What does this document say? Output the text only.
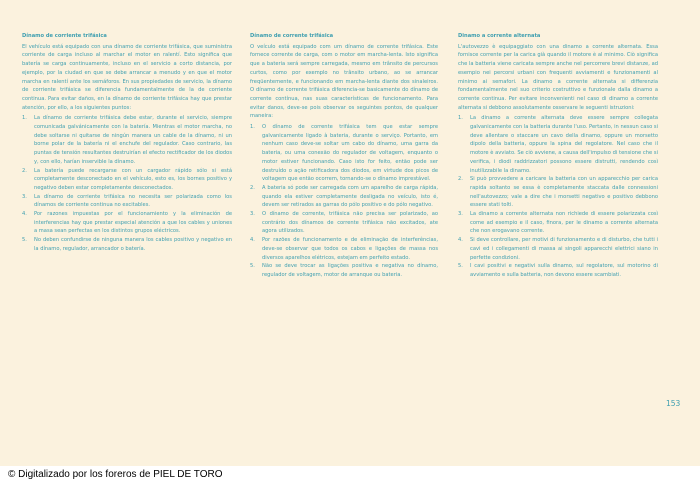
Dínamo de corriente trifásica
El vehículo está equipado con una dínamo de corriente trifásica, que suministra corriente de carga incluso al marchar el motor en ralentí. Esto significa que batería se carga continuamente, incluso en el servicio a corto distancia, por ejemplo, por la ciudad en que se debe arrancar a menudo y en que el motor marcha en ralentí ante los semáforos. En sus propiedades de servicio, la dínamo de corriente trifásica se diferencia fundamentalmente de la de corriente continua. Para evitar daños, en la dínamo de corriente trifásica hay que prestar atención, por ello, a los siguientes puntos:
1. La dínamo de corriente trifásica debe estar, durante el servicio, siempre comunicada galvánicamente con la batería. Mientras el motor marcha, no debe soltarse ni quitarse de ningún manera un cable de la dínamo, ni un borne polar de la batería ni el enchufe del regulador. Caso contrario, las puntas de tensión resultantes destruirían el efecto rectificador de los diodos y, con ello, harían inservible la dínamo.
2. La batería puede recargarse con un cargador rápido sólo si está completamente desconectado en el vehículo, esto es, los bornes positivo y negativo deben estar completamente desconectados.
3. La dínamo de corriente trifásica no necesita ser polarizada como los dínamos de corriente continua no excitables.
4. Por razones impuestas por el funcionamiento y la eliminación de interferencias hay que prestar especial atención a que los cables y uniones a masa sean perfectas en los distintos grupos eléctricos.
5. No deben confundirse de ninguna manera los cables positivo y negativo en la dínamo, regulador, arrancador o batería.
Dínamo de corrente trifásica
O veículo está equipado com um dínamo de corrente trifásica. Este fornece corrente de carga, com o motor em marcha-lenta. Isto significa que a bateria será sempre carregada, mesmo em trânsito de percursos curtos, como por exemplo no trânsito urbano, ao se arrancar freqüentemente, e funcionando em marcha-lenta diante dos sinaleiros. O dínamo de corrente trifásica diferencia-se basicamente do dínamo de corrente contínua, nas suas características de funcionamento. Para evitar danos, deve-se pois observar os seguintes pontos, de qualquer maneira:
1. O dínamo de corrente trifásica tem que estar sempre galvanicamente ligado à bateria, durante o serviço. Portanto, em nenhum caso deve-se soltar um cabo do dínamo, uma garra da bateria, ou uma conexão do regulador de voltagem, enquanto o motor estiver funcionando. Caso isto for feito, então pode ser destruído o ação retificadora dos diodos, em virtude dos picos de voltagem que então ocorrem, tornando-se o dínamo imprestável.
2. A bateria só pode ser carregada com um aparelho de carga rápida, quando ela estiver completamente desligada no veículo, isto é, devem ser retirados as garras do pólo positivo e do pólo negativo.
3. O dínamo de corrente, trifásica não precisa ser polarizado, ao contrário dos dínamos de corrente trifásica não excitados, ate agora utilizados.
4. Por razões de funcionamento e de eliminação de interferências, deve-se observar que todos os cabos e ligações de massa nos diversos aparelhos elétricos, estejam em perfeito estado.
5. Não se deve trocar as ligações positiva e negativa no dínamo, regulador de voltagem, motor de arranque ou bateria.
Dinamo a corrente alternata
L'autovezzo è equipaggiato con una dinamo a corrente alternata. Essa fornisce corrente per la carica già quando il motore è al minimo. Ciò significa che la batteria viene caricata sempre anche nel percorrere brevi distanze, ad esempio nei percorsi urbani con frequenti avviamenti e funzionamenti al minimo ai semafori. La dinamo a corrente alternata si differenzia fondamentalmente nel suo criterio costruttivo e funzionale dalla dinamo a corrente continua. Per evitare inconvenienti nel caso di dinamo a corrente alternata si debbono assolutamente osservare le seguenti istruzioni:
1. La dinamo a corrente alternata deve essere sempre collegata galvanicamente con la batteria durante l'uso. Pertanto, in nessun caso si deve allentare o staccare un cavo della dinamo, oppure un morsetto dipolo della batteria, oppure la spina del regolatore. Nel caso che il motore è avviato. Se ciò avviene, a causa dell'impulso di tensione che si verifica, i diodi raddrizzatori possono essere distrutti, rendendo così inutilizzabile la dinamo.
2. Si può provvedere a caricare la batteria con un apparecchio per carica rapida soltanto se essa è completamente staccata dalle connessioni nell'autovezzo; vale a dire che i morsetti negativo e positivo debbono essere stati tolti.
3. La dinamo a corrente alternata non richiede di essere polarizzata così come ad esempio e il caso, finora, per le dinamo a corrente alternata che non erogavano corrente.
4. Si deve controllare, per motivi di funzionamento e di disturbo, che tutti i cavi ed i collegamenti di massa ai singoli apparecchi elettrici siano in perfette condizioni.
5. I cavi positivi e negativi sulla dinamo, sul regolatore, sul motorino di avviamento e sulla batteria, non devono essere scambiati.
153
© Digitalizado por los foreros de PIEL DE TORO
